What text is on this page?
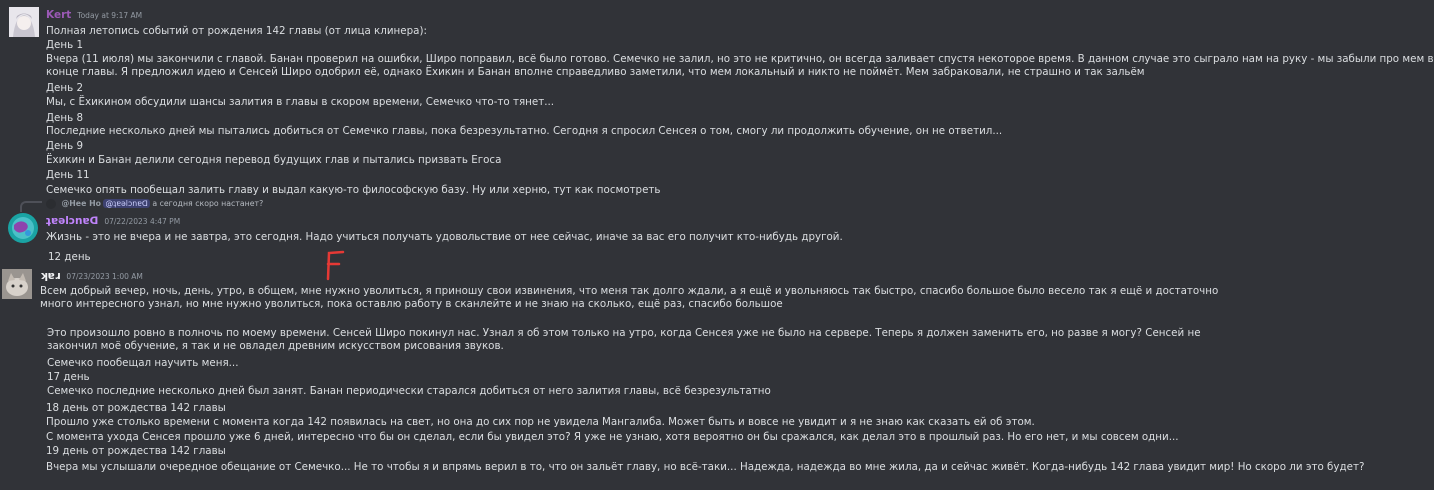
Kert Today at 9:17 AM
Полная летопись событий от рождения 142 главы (от лица клинера):
День 1
Вчера (11 июля) мы закончили с главой. Банан проверил на ошибки, Широ поправил, всё было готово. Семечко не залил, но это не критично, он всегда заливает спустя некоторое время. В данном случае это сыграло нам на руку - мы забыли про мем в
конце главы. Я предложил идею и Сенсей Широ одобрил её, однако Ёхикин и Банан вполне справедливо заметили, что мем локальный и никто не поймёт. Мем забраковали, не страшно и так зальём
День 2
Мы, с Ёхикином обсудили шансы залития в главы в скором времени, Семечко что-то тянет...
День 8
Последние несколько дней мы пытались добиться от Семечко главы, пока безрезультатно. Сегодня я спросил Сенсея о том, смогу ли продолжить обучение, он не ответил...
День 9
Ёхикин и Банан делили сегодня перевод будущих глав и пытались призвать Егоса
День 11
Семечко опять пообещал залить главу и выдал какую-то философскую базу. Ну или херню, тут как посмотреть
@Нее Но @ʇɐǝlɔnɐᗡ а сегодня скоро настанет?
ʇɐǝlɔnɐᗡ 07/22/2023 4:47 PM
Жизнь - это не вчера и не завтра, это сегодня. Надо учиться получать удовольствие от нее сейчас, иначе за вас его получит кто-нибудь другой.
12 день
ʞɐɹ 07/23/2023 1:00 AM
Всем добрый вечер, ночь, день, утро, в общем, мне нужно уволиться, я приношу свои извинения, что меня так долго ждали, а я ещё и увольняюсь так быстро, спасибо большое было весело так я ещё и достаточно много интересного узнал, но мне нужно уволиться, пока оставлю работу в сканлейте и не знаю на сколько, ещё раз, спасибо большое
Это произошло ровно в полночь по моему времени. Сенсей Широ покинул нас. Узнал я об этом только на утро, когда Сенсея уже не было на сервере. Теперь я должен заменить его, но разве я могу? Сенсей не закончил моё обучение, я так и не овладел древним искусством рисования звуков.
Семечко пообещал научить меня...
17 день
Семечко последние несколько дней был занят. Банан периодически старался добиться от него залития главы, всё безрезультатно
18 день от рождества 142 главы
Прошло уже столько времени с момента когда 142 появилась на свет, но она до сих пор не увидела Мангалиба. Может быть и вовсе не увидит и я не знаю как сказать ей об этом.
С момента ухода Сенсея прошло уже 6 дней, интересно что бы он сделал, если бы увидел это? Я уже не узнаю, хотя вероятно он бы сражался, как делал это в прошлый раз. Но его нет, и мы совсем одни...
19 день от рождества 142 главы
Вчера мы услышали очередное обещание от Семечко... Не то чтобы я и впрямь верил в то, что он зальёт главу, но всё-таки... Надежда, надежда во мне жила, да и сейчас живёт. Когда-нибудь 142 глава увидит мир! Но скоро ли это будет?
